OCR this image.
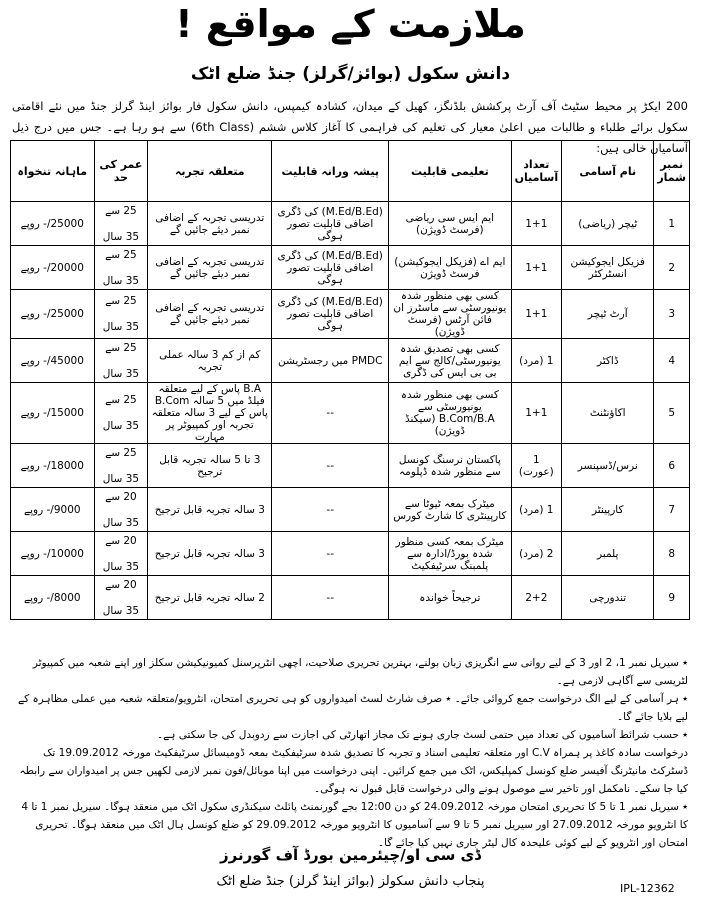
ملازمت کے مواقع !
دانش سکول (بوائز/گرلز) جنڈ ضلع اٹک
200 ایکڑ پر محیط سٹیٹ آف آرٹ پرکشش بلڈنگز، کھیل کے میدان، کشادہ کیمپس، دانش سکول فار بوائز اینڈ گرلز جنڈ میں نئے اقامتی سکول برائے طلباء و طالبات میں اعلیٰ معیار کی تعلیم کی فراہمی کا آغاز کلاس ششم (6th Class) سے ہو رہا ہے۔ جس میں درج ذیل آسامیاں خالی ہیں:
نمبر شمار	نام آسامی	تعداد آسامیاں	تعلیمی قابلیت	پیشہ ورانہ قابلیت	متعلقہ تجربہ	عمر کی حد	ماہانہ تنخواہ
1	ٹیچر (ریاضی)	1+1	ایم ایس سی ریاضی (فرسٹ ڈویژن)	(M.Ed/B.Ed) کی ڈگری اضافی قابلیت تصور ہوگی	تدریسی تجربہ کے اضافی نمبر دیئے جائیں گے	25 سے
35 سال	25000/- روپے
2	فزیکل ایجوکیشن انسٹرکٹر	1+1	ایم اے (فزیکل ایجوکیشن) فرسٹ ڈویژن	(M.Ed/B.Ed) کی ڈگری اضافی قابلیت تصور ہوگی	تدریسی تجربہ کے اضافی نمبر دیئے جائیں گے	25 سے
35 سال	20000/- روپے
3	آرٹ ٹیچر	1+1	کسی بھی منظور شدہ یونیورسٹی سے ماسٹرز ان فائن آرٹس (فرسٹ ڈویژن)	(M.Ed/B.Ed) کی ڈگری اضافی قابلیت تصور ہوگی	تدریسی تجربہ کے اضافی نمبر دیئے جائیں گے	25 سے
35 سال	25000/- روپے
4	ڈاکٹر	1 (مرد)	کسی بھی تصدیق شدہ یونیورسٹی/کالج سے ایم بی بی ایس کی ڈگری	PMDC میں رجسٹریشن	کم از کم 3 سالہ عملی تجربہ	25 سے
35 سال	45000/- روپے
5	اکاؤنٹنٹ	1+1	کسی بھی منظور شدہ یونیورسٹی سے B.Com/B.A (سیکنڈ ڈویژن)	--	B.A پاس کے لیے متعلقہ فیلڈ میں 5 سالہ B.Com پاس کے لیے 3 سالہ متعلقہ تجربہ اور کمپیوٹر پر مہارت	25 سے
35 سال	15000/- روپے
6	نرس/ڈسپنسر	1 (عورت)	پاکستان نرسنگ کونسل سے منظور شدہ ڈپلومہ	--	3 تا 5 سالہ تجربہ قابل ترجیح	25 سے
35 سال	18000/- روپے
7	کارپینٹر	1 (مرد)	میٹرک بمعہ ٹیوٹا سے کارپینٹری کا شارٹ کورس	--	3 سالہ تجربہ قابل ترجیح	20 سے
35 سال	9000/- روپے
8	پلمبر	2 (مرد)	میٹرک بمعہ کسی منظور شدہ بورڈ/ادارہ سے پلمبنگ سرٹیفکیٹ	--	3 سالہ تجربہ قابل ترجیح	20 سے
35 سال	10000/- روپے
9	تندورچی	2+2	ترجیحاً خواندہ	--	2 سالہ تجربہ قابل ترجیح	20 سے
35 سال	8000/- روپے

٭ سیریل نمبر 1، 2 اور 3 کے لیے روانی سے انگریزی زبان بولنے، بہترین تحریری صلاحیت، اچھی انٹرپرسنل کمیونیکیشن سکلز اور اپنے شعبہ میں کمپیوٹر لٹریسی سے آگاہی لازمی ہے۔

٭ ہر آسامی کے لیے الگ درخواست جمع کروائی جائے۔ ٭ صرف شارٹ لسٹ امیدواروں کو ہی تحریری امتحان، انٹرویو/متعلقہ شعبہ میں عملی مظاہرہ کے لیے بلایا جائے گا۔

٭ حسب شرائط آسامیوں کی تعداد میں حتمی لسٹ جاری ہونے تک مجاز اتھارٹی کی اجازت سے ردوبدل کی جا سکتی ہے۔

درخواست سادہ کاغذ پر ہمراہ C.V اور متعلقہ تعلیمی اسناد و تجربہ کا تصدیق شدہ سرٹیفکیٹ بمعہ ڈومیسائل سرٹیفکیٹ مورخہ 19.09.2012 تک ڈسٹرکٹ مانیٹرنگ آفیسر ضلع کونسل کمپلیکس، اٹک میں جمع کرائیں۔ اپنی درخواست میں اپنا موبائل/فون نمبر لازمی لکھیں جس پر امیدواران سے رابطہ کیا جا سکے۔ نامکمل اور تاخیر سے موصول ہونے والی درخواست قابل قبول نہ ہوگی۔

٭ سیریل نمبر 1 تا 5 کا تحریری امتحان مورخہ 24.09.2012 کو دن 12:00 بجے گورنمنٹ پائلٹ سیکنڈری سکول اٹک میں منعقد ہوگا۔ سیریل نمبر 1 تا 4 کا انٹرویو مورخہ 27.09.2012 اور سیریل نمبر 5 تا 9 سے آسامیوں کا انٹرویو مورخہ 29.09.2012 کو ضلع کونسل ہال اٹک میں منعقد ہوگا۔ تحریری امتحان اور انٹرویو کے لیے کوئی علیحدہ کال لیٹر جاری نہیں کیا جائے گا۔

ڈی سی او/چیئرمین بورڈ آف گورنرز
پنجاب دانش سکولز (بوائز اینڈ گرلز) جنڈ ضلع اٹک	IPL-12362
